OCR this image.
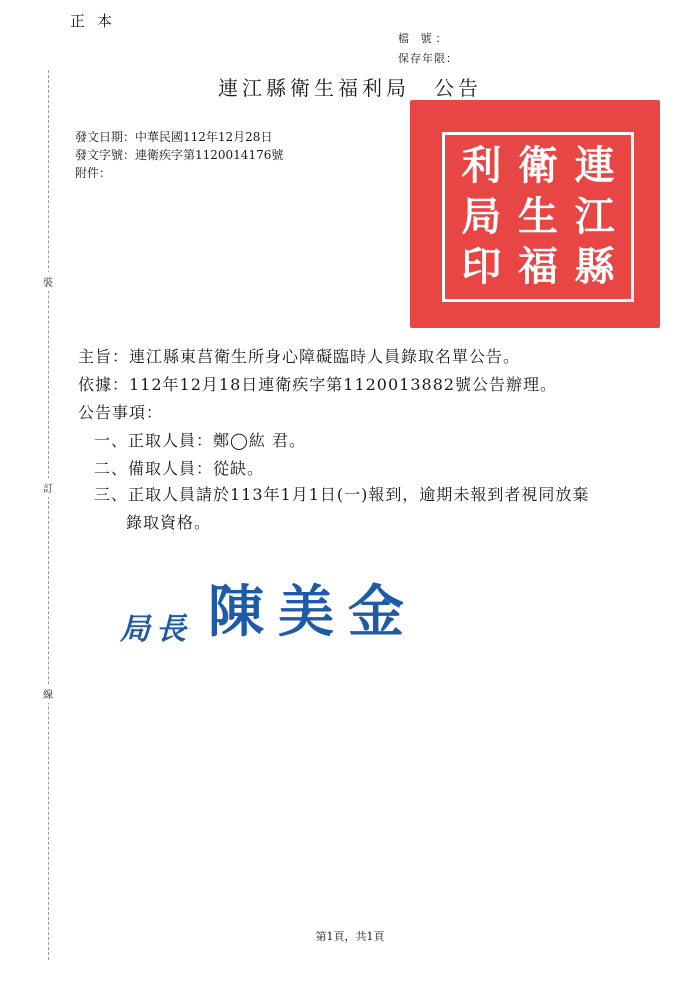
正本
檔 號：
保存年限：
連江縣衛生福利局 公告
發文日期：中華民國112年12月28日
發文字號：連衛疾字第1120014176號
附件：
裝
訂
線
連
江
縣
衛
生
福
利
局
印
主旨：連江縣東莒衛生所身心障礙臨時人員錄取名單公告。
依據：112年12月18日連衛疾字第1120013882號公告辦理。
公告事項：
一、正取人員：鄭◯紘 君。
二、備取人員：從缺。
三、正取人員請於113年1月1日(一)報到，逾期未報到者視同放棄
錄取資格。
局長 陳美金
第1頁，共1頁
